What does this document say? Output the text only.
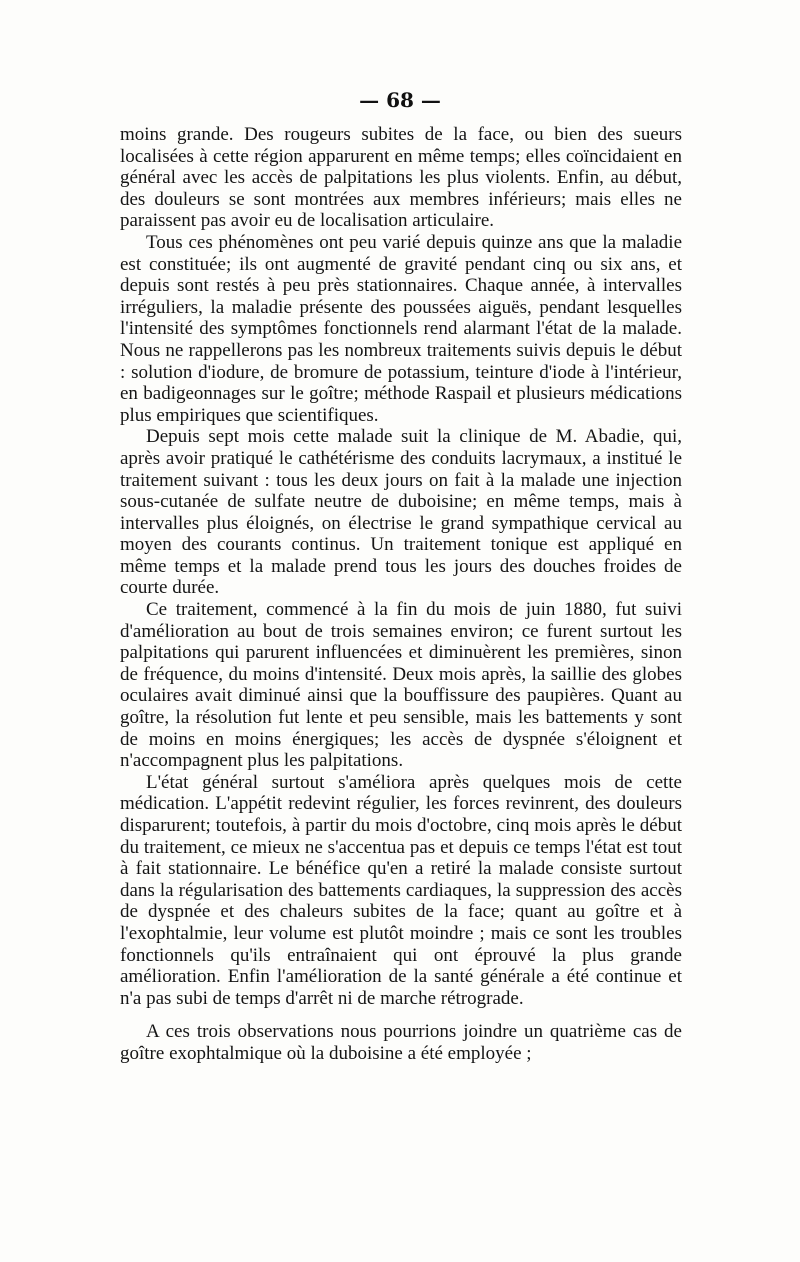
— 68 —

moins grande. Des rougeurs subites de la face, ou bien des sueurs localisées à cette région apparurent en même temps; elles coïncidaient en général avec les accès de palpitations les plus violents. Enfin, au début, des douleurs se sont montrées aux membres inférieurs; mais elles ne paraissent pas avoir eu de localisation articulaire.

Tous ces phénomènes ont peu varié depuis quinze ans que la maladie est constituée; ils ont augmenté de gravité pendant cinq ou six ans, et depuis sont restés à peu près stationnaires. Chaque année, à intervalles irréguliers, la maladie présente des poussées aiguës, pendant lesquelles l'intensité des symptômes fonctionnels rend alarmant l'état de la malade. Nous ne rappellerons pas les nombreux traitements suivis depuis le début : solution d'iodure, de bromure de potassium, teinture d'iode à l'intérieur, en badigeonnages sur le goître; méthode Raspail et plusieurs médications plus empiriques que scientifiques.

Depuis sept mois cette malade suit la clinique de M. Abadie, qui, après avoir pratiqué le cathétérisme des conduits lacrymaux, a institué le traitement suivant : tous les deux jours on fait à la malade une injection sous-cutanée de sulfate neutre de duboisine; en même temps, mais à intervalles plus éloignés, on électrise le grand sympathique cervical au moyen des courants continus. Un traitement tonique est appliqué en même temps et la malade prend tous les jours des douches froides de courte durée.

Ce traitement, commencé à la fin du mois de juin 1880, fut suivi d'amélioration au bout de trois semaines environ; ce furent surtout les palpitations qui parurent influencées et diminuèrent les premières, sinon de fréquence, du moins d'intensité. Deux mois après, la saillie des globes oculaires avait diminué ainsi que la bouffissure des paupières. Quant au goître, la résolution fut lente et peu sensible, mais les battements y sont de moins en moins énergiques; les accès de dyspnée s'éloignent et n'accompagnent plus les palpitations.

L'état général surtout s'améliora après quelques mois de cette médication. L'appétit redevint régulier, les forces revinrent, des douleurs disparurent; toutefois, à partir du mois d'octobre, cinq mois après le début du traitement, ce mieux ne s'accentua pas et depuis ce temps l'état est tout à fait stationnaire. Le bénéfice qu'en a retiré la malade consiste surtout dans la régularisation des battements cardiaques, la suppression des accès de dyspnée et des chaleurs subites de la face; quant au goître et à l'exophtalmie, leur volume est plutôt moindre ; mais ce sont les troubles fonctionnels qu'ils entraînaient qui ont éprouvé la plus grande amélioration. Enfin l'amélioration de la santé générale a été continue et n'a pas subi de temps d'arrêt ni de marche rétrograde.

A ces trois observations nous pourrions joindre un quatrième cas de goître exophtalmique où la duboisine a été employée ;
